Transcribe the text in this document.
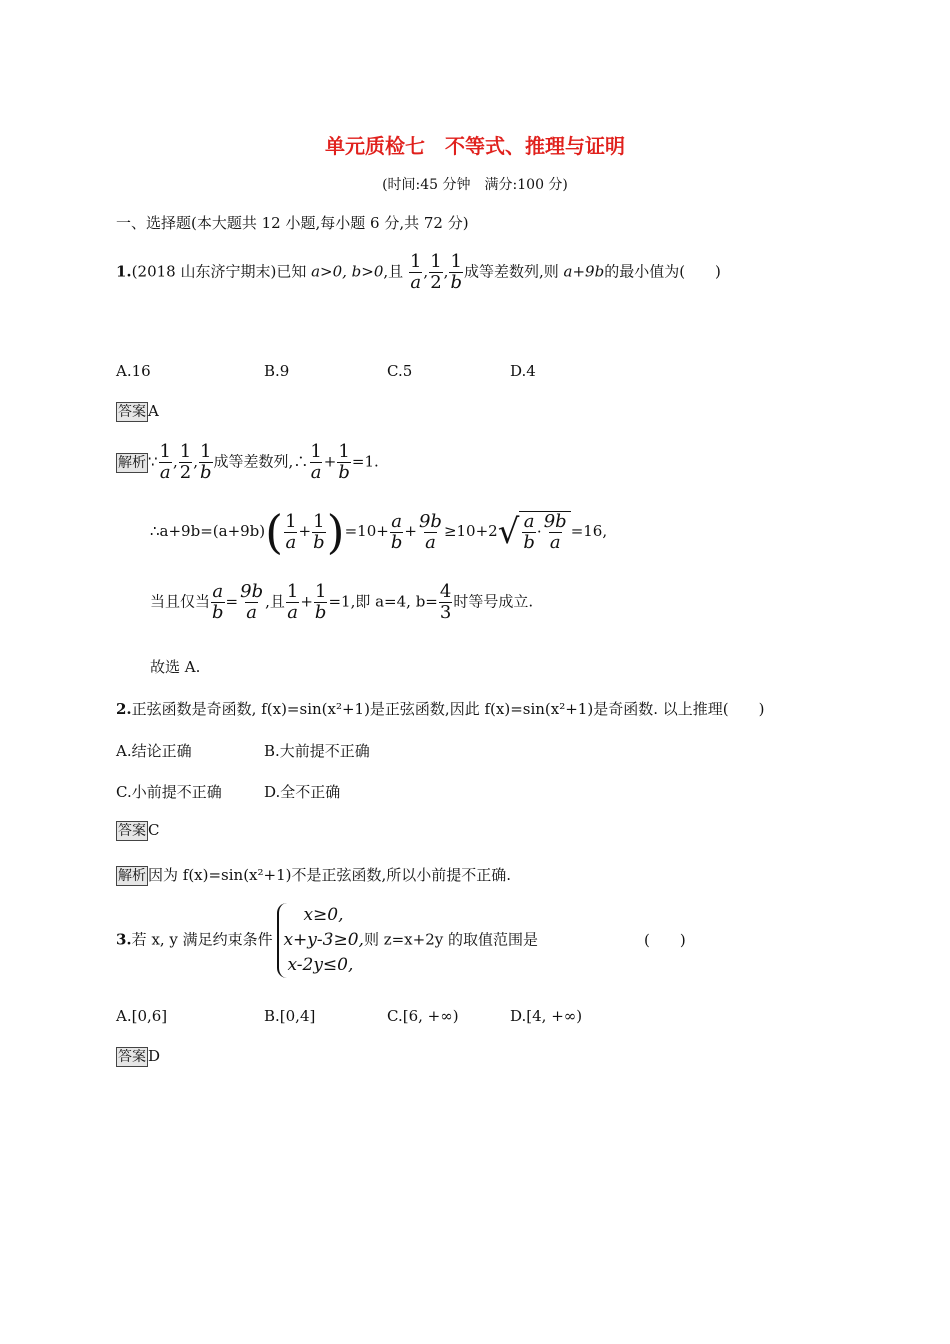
单元质检七　不等式、推理与证明
(时间:45 分钟　满分:100 分)
一、选择题(本大题共 12 小题,每小题 6 分,共 72 分)
1.(2018 山东济宁期末)已知 a>0, b>0,且 $\frac{1}{a}$ , $\frac{1}{2}$ , $\frac{1}{b}$ 成等差数列,则 a+9b的最小值为(　　)
A.16	B.9	C.5	D.4
答案 A
解析 ∵ $\frac{1}{a}$ , $\frac{1}{2}$ , $\frac{1}{b}$ 成等差数列,∴ $\frac{1}{a} + \frac{1}{b} =1$.
∴a+9b=(a+9b)( $\frac{1}{a} + \frac{1}{b} )=10+ \frac{a}{b} + \frac{9b}{a} \ge 10+2√ \frac{a}{b} \cdot \frac{9b}{a} =16$,
当且仅当 $\frac{a}{b} = \frac{9b}{a}$ ,且 $\frac{1}{a} + \frac{1}{b} =1$,即 a=4, $b= \frac{4}{3}$ 时等号成立.
故选 A.
2.正弦函数是奇函数, f(x)=sin(x²+1)是正弦函数,因此 f(x)=sin(x²+1)是奇函数. 以上推理(　　)
A.结论正确	B.大前提不正确
C.小前提不正确	D.全不正确
答案 C
解析 因为 f(x)=sin(x²+1)不是正弦函数,所以小前提不正确.
3.若 x, y 满足约束条件
x≥0,
x+y-3≥0,
x-2y≤0,
则 z=x+2y 的取值范围是	(　　)
A.[0,6]	B.[0,4]	C.[6, +∞)	D.[4, +∞)
答案 D
